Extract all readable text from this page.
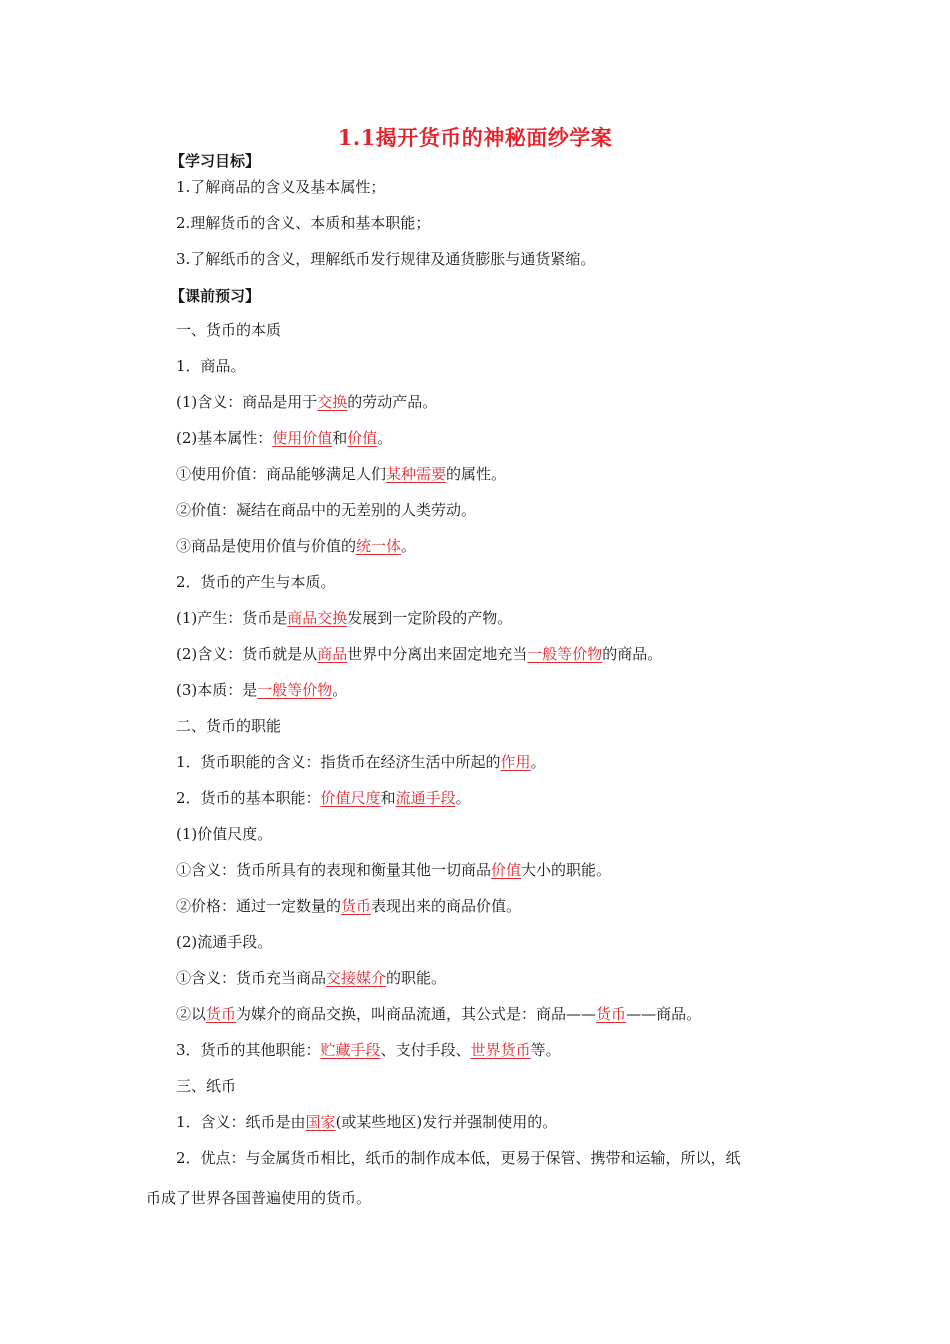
1.1揭开货币的神秘面纱学案
【学习目标】
1.了解商品的含义及基本属性；
2.理解货币的含义、本质和基本职能；
3.了解纸币的含义，理解纸币发行规律及通货膨胀与通货紧缩。
【课前预习】
一、货币的本质
1．商品。
(1)含义：商品是用于交换的劳动产品。
(2)基本属性：使用价值和价值。
①使用价值：商品能够满足人们某种需要的属性。
②价值：凝结在商品中的无差别的人类劳动。
③商品是使用价值与价值的统一体。
2．货币的产生与本质。
(1)产生：货币是商品交换发展到一定阶段的产物。
(2)含义：货币就是从商品世界中分离出来固定地充当一般等价物的商品。
(3)本质：是一般等价物。
二、货币的职能
1．货币职能的含义：指货币在经济生活中所起的作用。
2．货币的基本职能：价值尺度和流通手段。
(1)价值尺度。
①含义：货币所具有的表现和衡量其他一切商品价值大小的职能。
②价格：通过一定数量的货币表现出来的商品价值。
(2)流通手段。
①含义：货币充当商品交接媒介的职能。
②以货币为媒介的商品交换，叫商品流通，其公式是：商品——货币——商品。
3．货币的其他职能：贮藏手段、支付手段、世界货币等。
三、纸币
1．含义：纸币是由国家(或某些地区)发行并强制使用的。
2．优点：与金属货币相比，纸币的制作成本低，更易于保管、携带和运输，所以，纸
币成了世界各国普遍使用的货币。
